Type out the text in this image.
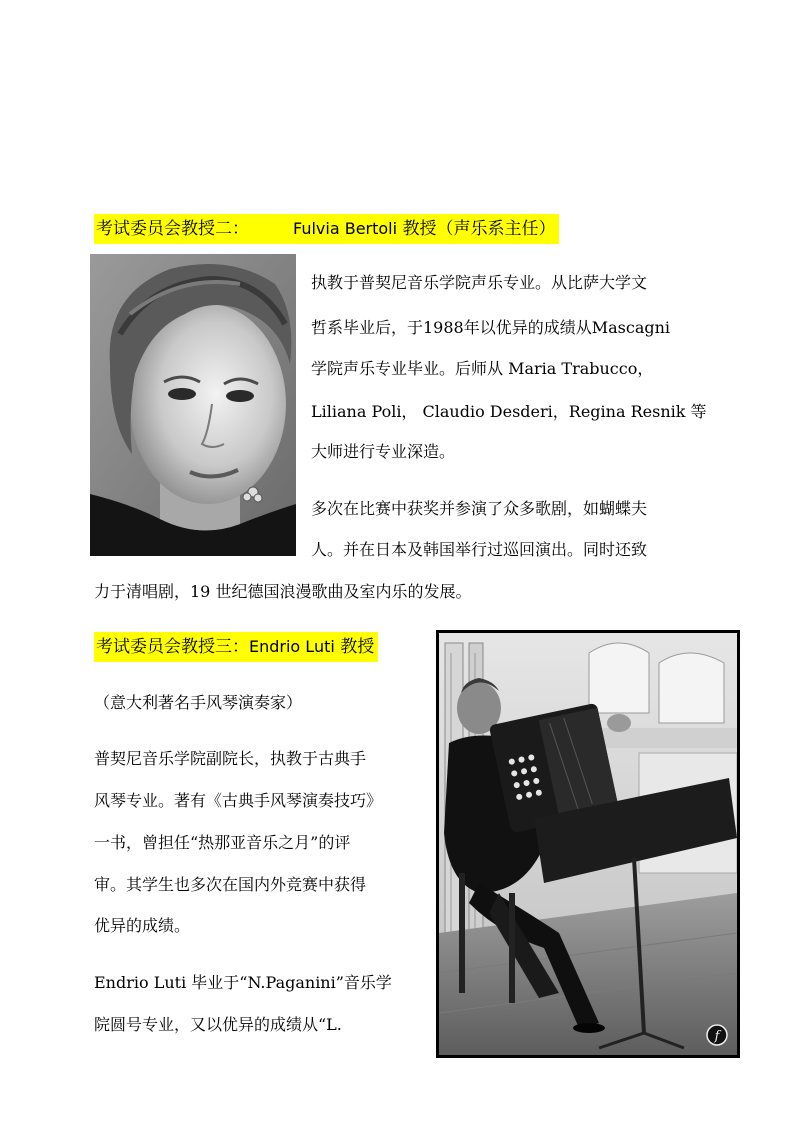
考试委员会教授二：	Fulvia Bertoli 教授（声乐系主任）
执教于普契尼音乐学院声乐专业。从比萨大学文
哲系毕业后，于1988年以优异的成绩从Mascagni
学院声乐专业毕业。后师从 Maria Trabucco，
Liliana Poli， Claudio Desderi，Regina Resnik 等
大师进行专业深造。
多次在比赛中获奖并参演了众多歌剧，如蝴蝶夫
人。并在日本及韩国举行过巡回演出。同时还致
力于清唱剧，19 世纪德国浪漫歌曲及室内乐的发展。
考试委员会教授三：Endrio Luti 教授
（意大利著名手风琴演奏家）
普契尼音乐学院副院长，执教于古典手
风琴专业。著有《古典手风琴演奏技巧》
一书，曾担任“热那亚音乐之月”的评
审。其学生也多次在国内外竞赛中获得
优异的成绩。
Endrio Luti 毕业于“N.Paganini”音乐学
院圆号专业，又以优异的成绩从“L.
f
